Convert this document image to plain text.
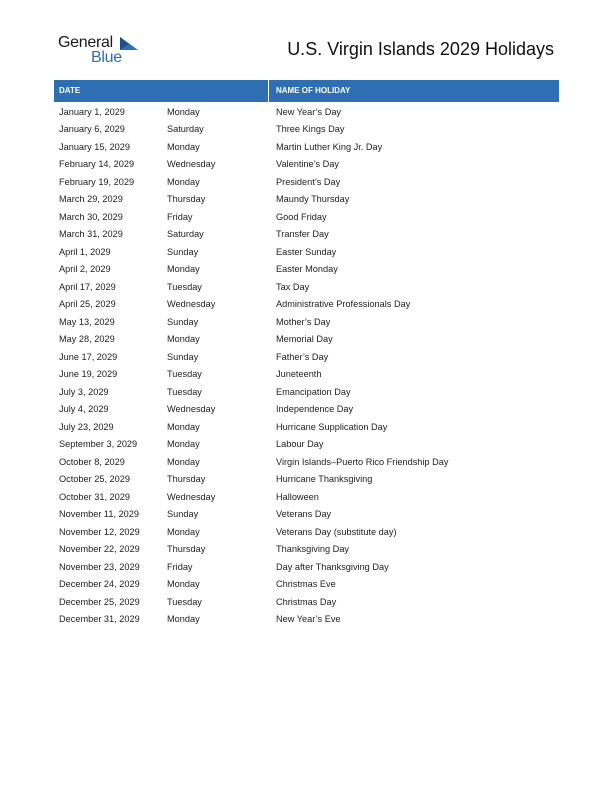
General
Blue	U.S. Virgin Islands 2029 Holidays
DATE	NAME OF HOLIDAY
January 1, 2029	Monday	New Year’s Day
January 6, 2029	Saturday	Three Kings Day
January 15, 2029	Monday	Martin Luther King Jr. Day
February 14, 2029	Wednesday	Valentine’s Day
February 19, 2029	Monday	President’s Day
March 29, 2029	Thursday	Maundy Thursday
March 30, 2029	Friday	Good Friday
March 31, 2029	Saturday	Transfer Day
April 1, 2029	Sunday	Easter Sunday
April 2, 2029	Monday	Easter Monday
April 17, 2029	Tuesday	Tax Day
April 25, 2029	Wednesday	Administrative Professionals Day
May 13, 2029	Sunday	Mother’s Day
May 28, 2029	Monday	Memorial Day
June 17, 2029	Sunday	Father’s Day
June 19, 2029	Tuesday	Juneteenth
July 3, 2029	Tuesday	Emancipation Day
July 4, 2029	Wednesday	Independence Day
July 23, 2029	Monday	Hurricane Supplication Day
September 3, 2029	Monday	Labour Day
October 8, 2029	Monday	Virgin Islands–Puerto Rico Friendship Day
October 25, 2029	Thursday	Hurricane Thanksgiving
October 31, 2029	Wednesday	Halloween
November 11, 2029	Sunday	Veterans Day
November 12, 2029	Monday	Veterans Day (substitute day)
November 22, 2029	Thursday	Thanksgiving Day
November 23, 2029	Friday	Day after Thanksgiving Day
December 24, 2029	Monday	Christmas Eve
December 25, 2029	Tuesday	Christmas Day
December 31, 2029	Monday	New Year’s Eve
